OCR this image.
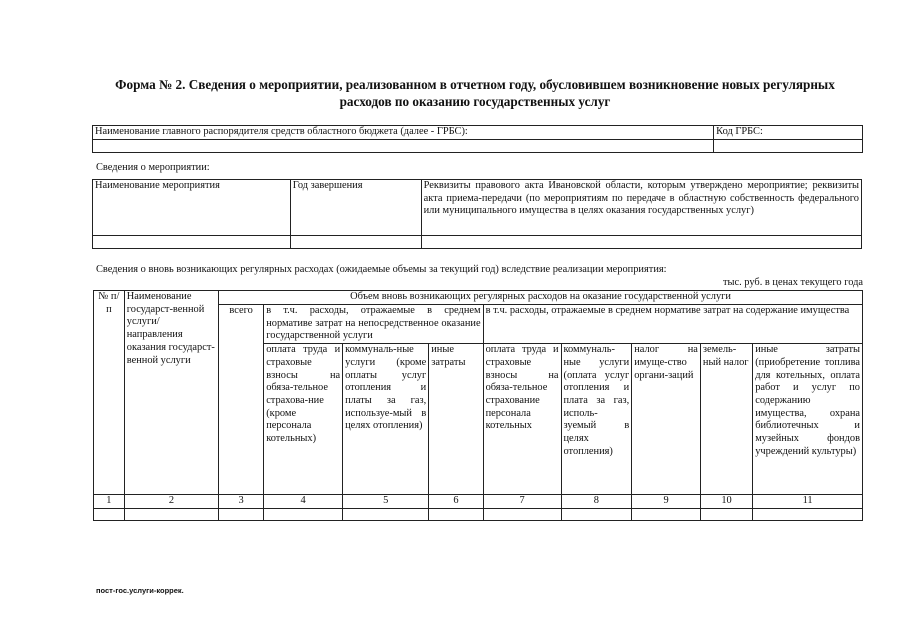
Форма № 2. Сведения о мероприятии, реализованном в отчетном году, обусловившем возникновение новых регулярных расходов по оказанию государственных услуг
Наименование главного распорядителя средств областного бюджета (далее - ГРБС):	Код ГРБС:

Сведения о мероприятии:
Наименование мероприятия	Год завершения	Реквизиты правового акта Ивановской области, которым утверждено мероприятие; реквизиты акта приема-передачи (по мероприятиям по передаче в областную собственность федерального или муниципального имущества в целях оказания государственных услуг)

Сведения о вновь возникающих регулярных расходах (ожидаемые объемы за текущий год) вследствие реализации мероприятия:
тыс. руб. в ценах текущего года
№ п/п	Наименование государст-венной услуги/ направления оказания государст-венной услуги	Объем вновь возникающих регулярных расходов на оказание государственной услуги								
		всего	в т.ч. расходы, отражаемые в среднем нормативе затрат на непосредственное оказание государственной услуги			в т.ч. расходы, отражаемые в среднем нормативе затрат на содержание имущества				
			оплата труда и страховые взносы на обяза-тельное страхова-ние (кроме персонала котельных)	коммуналь-ные услуги (кроме оплаты услуг отопления и платы за газ, используе-мый в целях отопления)	иные затраты	оплата труда и страховые взносы на обяза-тельное страхование персонала котельных	коммуналь-ные услуги (оплата услуг отопления и плата за газ, исполь-зуемый в целях отопления)	налог на имуще-ство органи-заций	земель-ный налог	иные затраты (приобретение топлива для котельных, оплата работ и услуг по содержанию имущества, охрана библиотечных и музейных фондов учреждений культуры)
1	2	3	4	5	6	7	8	9	10	11

пост-гос.услуги-коррек.
